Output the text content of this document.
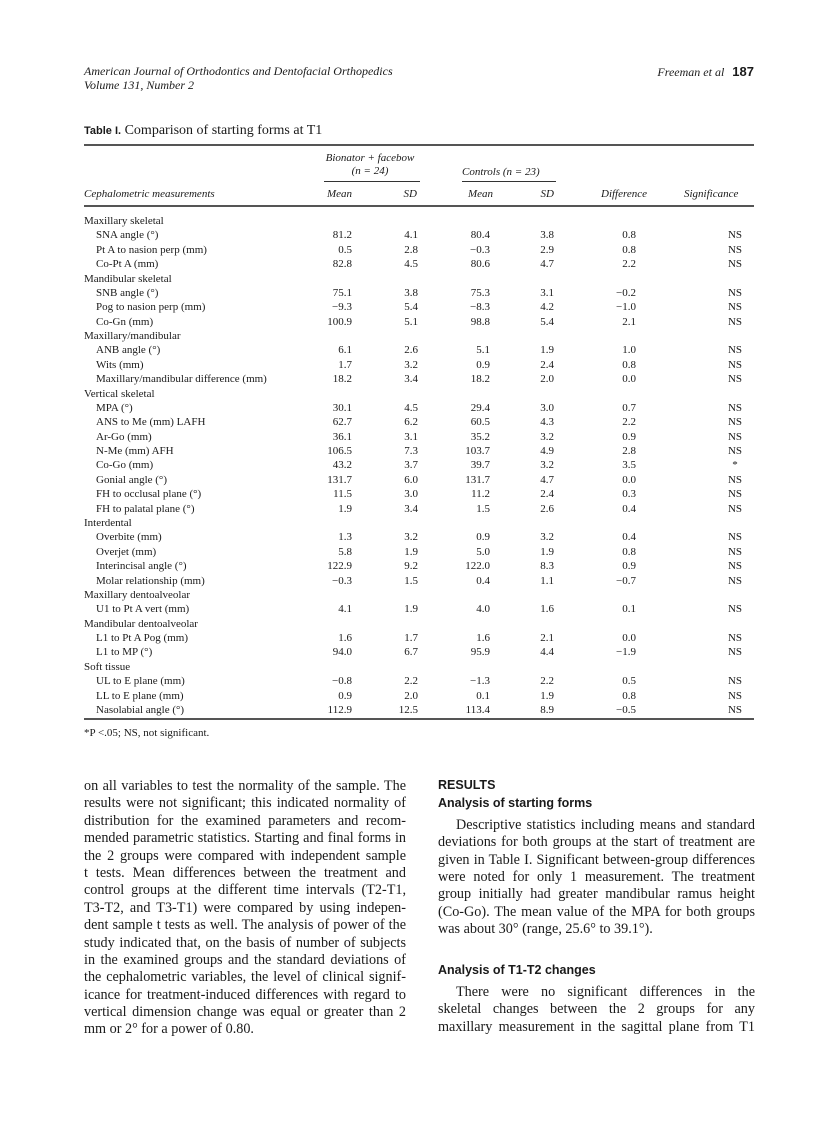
American Journal of Orthodontics and Dentofacial Orthopedics
Volume 131, Number 2
Freeman et al 187
Table I. Comparison of starting forms at T1
Bionator + facebow
(n = 24)	Controls (n = 23)
Cephalometric measurements	Mean	SD	Mean	SD	Difference	Significance
Maxillary skeletal
SNA angle (°)	81.2	4.1	80.4	3.8	0.8	NS
Pt A to nasion perp (mm)	0.5	2.8	−0.3	2.9	0.8	NS
Co-Pt A (mm)	82.8	4.5	80.6	4.7	2.2	NS
Mandibular skeletal
SNB angle (°)	75.1	3.8	75.3	3.1	−0.2	NS
Pog to nasion perp (mm)	−9.3	5.4	−8.3	4.2	−1.0	NS
Co-Gn (mm)	100.9	5.1	98.8	5.4	2.1	NS
Maxillary/mandibular
ANB angle (°)	6.1	2.6	5.1	1.9	1.0	NS
Wits (mm)	1.7	3.2	0.9	2.4	0.8	NS
Maxillary/mandibular difference (mm)	18.2	3.4	18.2	2.0	0.0	NS
Vertical skeletal
MPA (°)	30.1	4.5	29.4	3.0	0.7	NS
ANS to Me (mm) LAFH	62.7	6.2	60.5	4.3	2.2	NS
Ar-Go (mm)	36.1	3.1	35.2	3.2	0.9	NS
N-Me (mm) AFH	106.5	7.3	103.7	4.9	2.8	NS
Co-Go (mm)	43.2	3.7	39.7	3.2	3.5	*
Gonial angle (°)	131.7	6.0	131.7	4.7	0.0	NS
FH to occlusal plane (°)	11.5	3.0	11.2	2.4	0.3	NS
FH to palatal plane (°)	1.9	3.4	1.5	2.6	0.4	NS
Interdental
Overbite (mm)	1.3	3.2	0.9	3.2	0.4	NS
Overjet (mm)	5.8	1.9	5.0	1.9	0.8	NS
Interincisal angle (°)	122.9	9.2	122.0	8.3	0.9	NS
Molar relationship (mm)	−0.3	1.5	0.4	1.1	−0.7	NS
Maxillary dentoalveolar
U1 to Pt A vert (mm)	4.1	1.9	4.0	1.6	0.1	NS
Mandibular dentoalveolar
L1 to Pt A Pog (mm)	1.6	1.7	1.6	2.1	0.0	NS
L1 to MP (°)	94.0	6.7	95.9	4.4	−1.9	NS
Soft tissue
UL to E plane (mm)	−0.8	2.2	−1.3	2.2	0.5	NS
LL to E plane (mm)	0.9	2.0	0.1	1.9	0.8	NS
Nasolabial angle (°)	112.9	12.5	113.4	8.9	−0.5	NS
*P <.05; NS, not significant.
on all variables to test the normality of the sample. The
results were not significant; this indicated normality of
distribution for the examined parameters and recom-
mended parametric statistics. Starting and final forms in
the 2 groups were compared with independent sample
t tests. Mean differences between the treatment and
control groups at the different time intervals (T2-T1,
T3-T2, and T3-T1) were compared by using indepen-
dent sample t tests as well. The analysis of power of the
study indicated that, on the basis of number of subjects
in the examined groups and the standard deviations of
the cephalometric variables, the level of clinical signif-
icance for treatment-induced differences with regard to
vertical dimension change was equal or greater than 2
mm or 2° for a power of 0.80.
RESULTS
Analysis of starting forms
Descriptive statistics including means and standard
deviations for both groups at the start of treatment are
given in Table I. Significant between-group differences
were noted for only 1 measurement. The treatment
group initially had greater mandibular ramus height
(Co-Go). The mean value of the MPA for both groups
was about 30° (range, 25.6° to 39.1°).
Analysis of T1-T2 changes
There were no significant differences in the
skeletal changes between the 2 groups for any
maxillary measurement in the sagittal plane from T1
